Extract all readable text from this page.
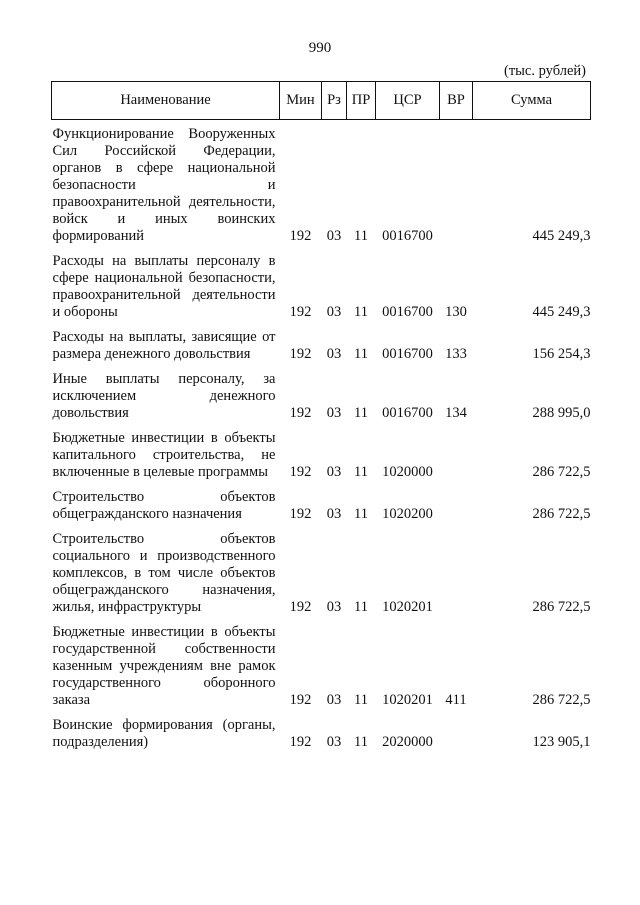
990
(тыс. рублей)
Наименование	Мин	Рз	ПР	ЦСР	ВР	Сумма

Функционирование Вооруженных Сил Российской Федерации, органов в сфере национальной безопасности и правоохранительной деятельности, войск и иных воинских формирований	192	03	11	0016700		445 249,3

Расходы на выплаты персоналу в сфере национальной безопасности, правоохранительной деятельности и обороны	192	03	11	0016700	130	445 249,3

Расходы на выплаты, зависящие от размера денежного довольствия	192	03	11	0016700	133	156 254,3

Иные выплаты персоналу, за исключением денежного довольствия	192	03	11	0016700	134	288 995,0

Бюджетные инвестиции в объекты капитального строительства, не включенные в целевые программы	192	03	11	1020000		286 722,5

Строительство объектов общегражданского назначения	192	03	11	1020200		286 722,5

Строительство объектов социального и производственного комплексов, в том числе объектов общегражданского назначения, жилья, инфраструктуры	192	03	11	1020201		286 722,5

Бюджетные инвестиции в объекты государственной собственности казенным учреждениям вне рамок государственного оборонного заказа	192	03	11	1020201	411	286 722,5

Воинские формирования (органы, подразделения)	192	03	11	2020000		123 905,1
